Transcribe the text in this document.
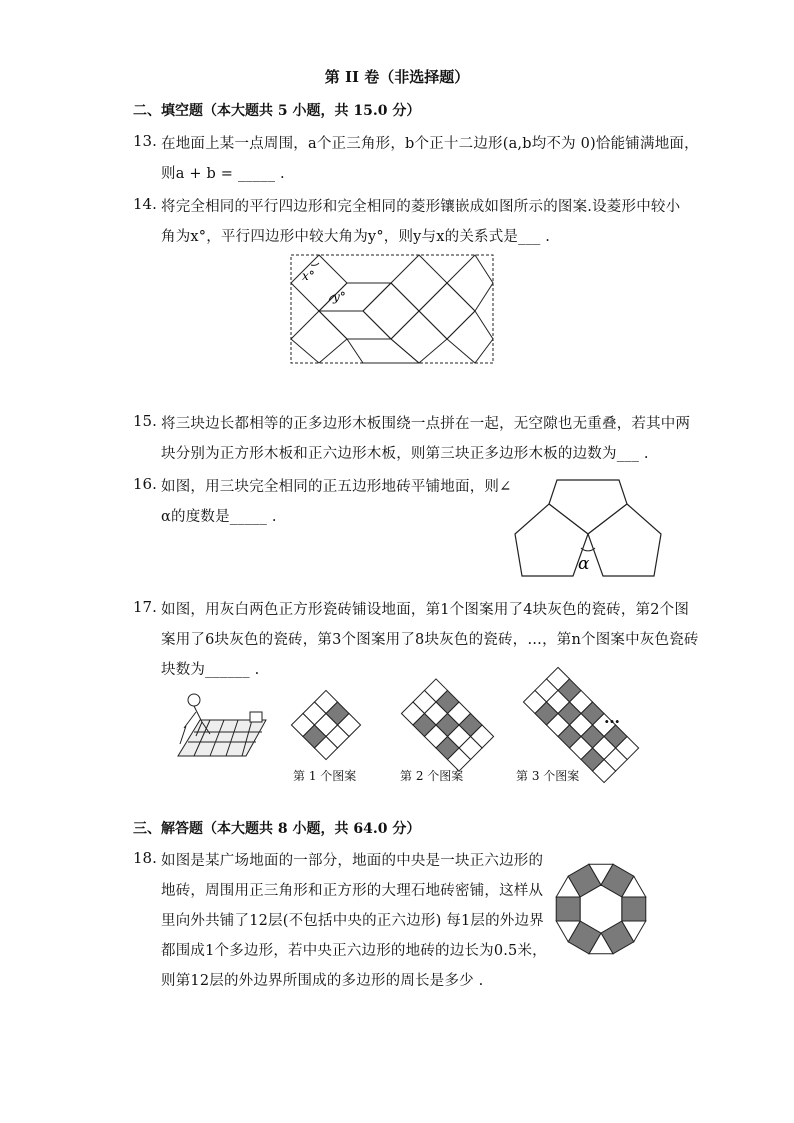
第 II 卷（非选择题）
二、填空题（本大题共 5 小题，共 15.0 分）
13. 在地面上某一点周围，a个正三角形，b个正十二边形(a,b均不为 0)恰能铺满地面，
则a + b = _____ .
14. 将完全相同的平行四边形和完全相同的菱形镶嵌成如图所示的图案.设菱形中较小
角为x°，平行四边形中较大角为y°，则y与x的关系式是___ .
x°
y°
15. 将三块边长都相等的正多边形木板围绕一点拼在一起，无空隙也无重叠，若其中两
块分别为正方形木板和正六边形木板，则第三块正多边形木板的边数为___ .
16. 如图，用三块完全相同的正五边形地砖平铺地面，则∠
α的度数是_____ .
α
17. 如图，用灰白两色正方形瓷砖铺设地面，第1个图案用了4块灰色的瓷砖，第2个图
案用了6块灰色的瓷砖，第3个图案用了8块灰色的瓷砖，…，第n个图案中灰色瓷砖
块数为______ .
第 1 个图案	第 2 个图案	第 3 个图案
…
三、解答题（本大题共 8 小题，共 64.0 分）
18. 如图是某广场地面的一部分，地面的中央是一块正六边形的
地砖，周围用正三角形和正方形的大理石地砖密铺，这样从
里向外共铺了12层(不包括中央的正六边形) 每1层的外边界
都围成1个多边形，若中央正六边形的地砖的边长为0.5米，
则第12层的外边界所围成的多边形的周长是多少 .
